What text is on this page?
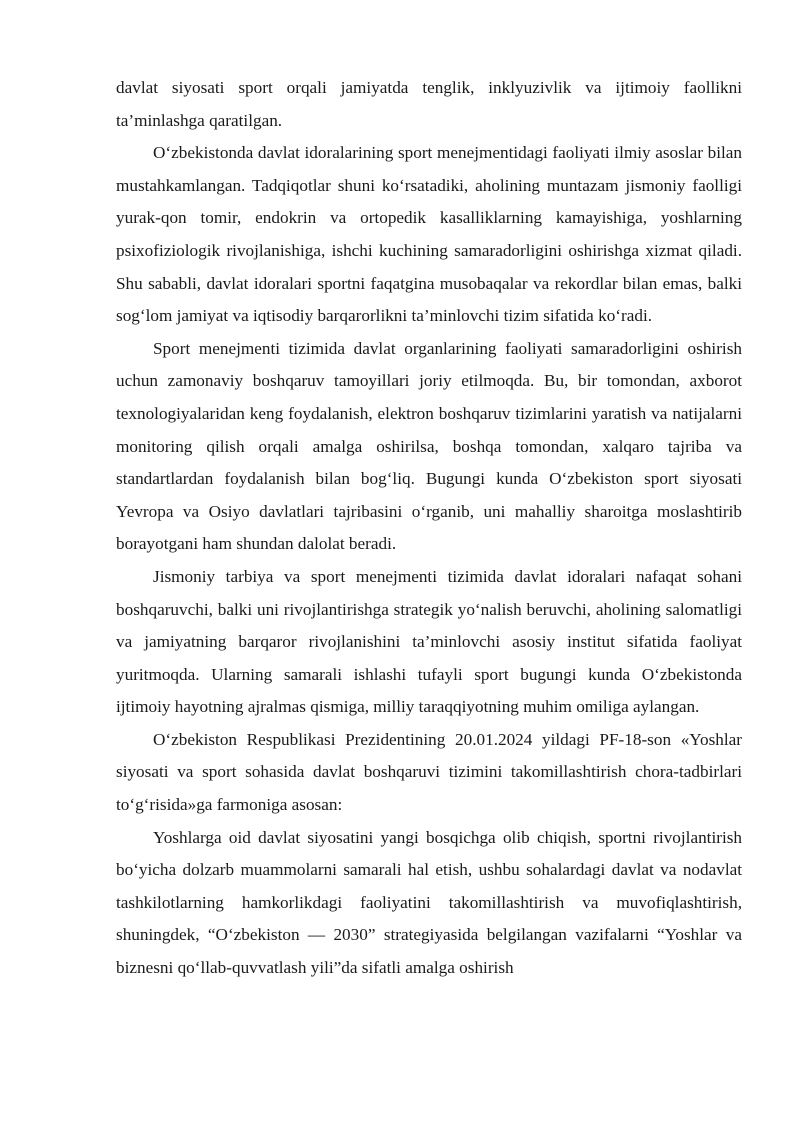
davlat siyosati sport orqali jamiyatda tenglik, inklyuzivlik va ijtimoiy faollikni ta’minlashga qaratilgan.

O‘zbekistonda davlat idoralarining sport menejmentidagi faoliyati ilmiy asoslar bilan mustahkamlangan. Tadqiqotlar shuni ko‘rsatadiki, aholining muntazam jismoniy faolligi yurak-qon tomir, endokrin va ortopedik kasalliklarning kamayishiga, yoshlarning psixofiziologik rivojlanishiga, ishchi kuchining samaradorligini oshirishga xizmat qiladi. Shu sababli, davlat idoralari sportni faqatgina musobaqalar va rekordlar bilan emas, balki sog‘lom jamiyat va iqtisodiy barqarorlikni ta’minlovchi tizim sifatida ko‘radi.

Sport menejmenti tizimida davlat organlarining faoliyati samaradorligini oshirish uchun zamonaviy boshqaruv tamoyillari joriy etilmoqda. Bu, bir tomondan, axborot texnologiyalaridan keng foydalanish, elektron boshqaruv tizimlarini yaratish va natijalarni monitoring qilish orqali amalga oshirilsa, boshqa tomondan, xalqaro tajriba va standartlardan foydalanish bilan bog‘liq. Bugungi kunda O‘zbekiston sport siyosati Yevropa va Osiyo davlatlari tajribasini o‘rganib, uni mahalliy sharoitga moslashtirib borayotgani ham shundan dalolat beradi.

Jismoniy tarbiya va sport menejmenti tizimida davlat idoralari nafaqat sohani boshqaruvchi, balki uni rivojlantirishga strategik yo‘nalish beruvchi, aholining salomatligi va jamiyatning barqaror rivojlanishini ta’minlovchi asosiy institut sifatida faoliyat yuritmoqda. Ularning samarali ishlashi tufayli sport bugungi kunda O‘zbekistonda ijtimoiy hayotning ajralmas qismiga, milliy taraqqiyotning muhim omiliga aylangan.

O‘zbekiston Respublikasi Prezidentining 20.01.2024 yildagi PF-18-son «Yoshlar siyosati va sport sohasida davlat boshqaruvi tizimini takomillashtirish chora-tadbirlari to‘g‘risida»ga farmoniga asosan:

Yoshlarga oid davlat siyosatini yangi bosqichga olib chiqish, sportni rivojlantirish bo‘yicha dolzarb muammolarni samarali hal etish, ushbu sohalardagi davlat va nodavlat tashkilotlarning hamkorlikdagi faoliyatini takomillashtirish va muvofiqlashtirish, shuningdek, “O‘zbekiston — 2030” strategiyasida belgilangan vazifalarni “Yoshlar va biznesni qo‘llab-quvvatlash yili”da sifatli amalga oshirish
